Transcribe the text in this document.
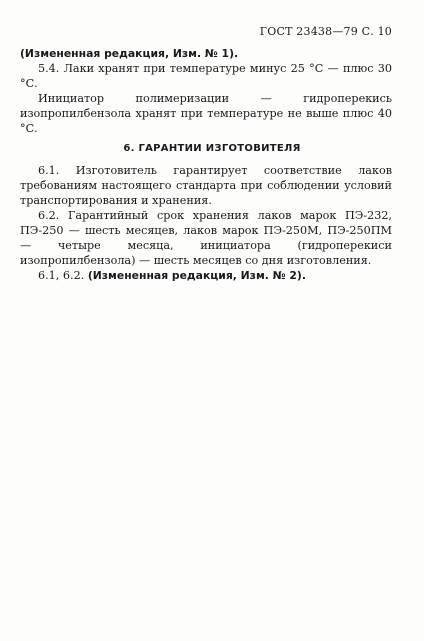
ГОСТ 23438—79 С. 10

(Измененная редакция, Изм. № 1).

5.4. Лаки хранят при температуре минус 25 °С — плюс 30 °С.

Инициатор полимеризации — гидроперекись изопропилбензола хранят при температуре не выше плюс 40 °С.

6. ГАРАНТИИ ИЗГОТОВИТЕЛЯ

6.1. Изготовитель гарантирует соответствие лаков требованиям настоящего стандарта при соблюдении условий транспортирования и хранения.

6.2. Гарантийный срок хранения лаков марок ПЭ-232, ПЭ-250 — шесть месяцев, лаков марок ПЭ-250М, ПЭ-250ПМ — четыре месяца, инициатора (гидроперекиси изопропилбензола) — шесть месяцев со дня изготовления.

6.1, 6.2. (Измененная редакция, Изм. № 2).
